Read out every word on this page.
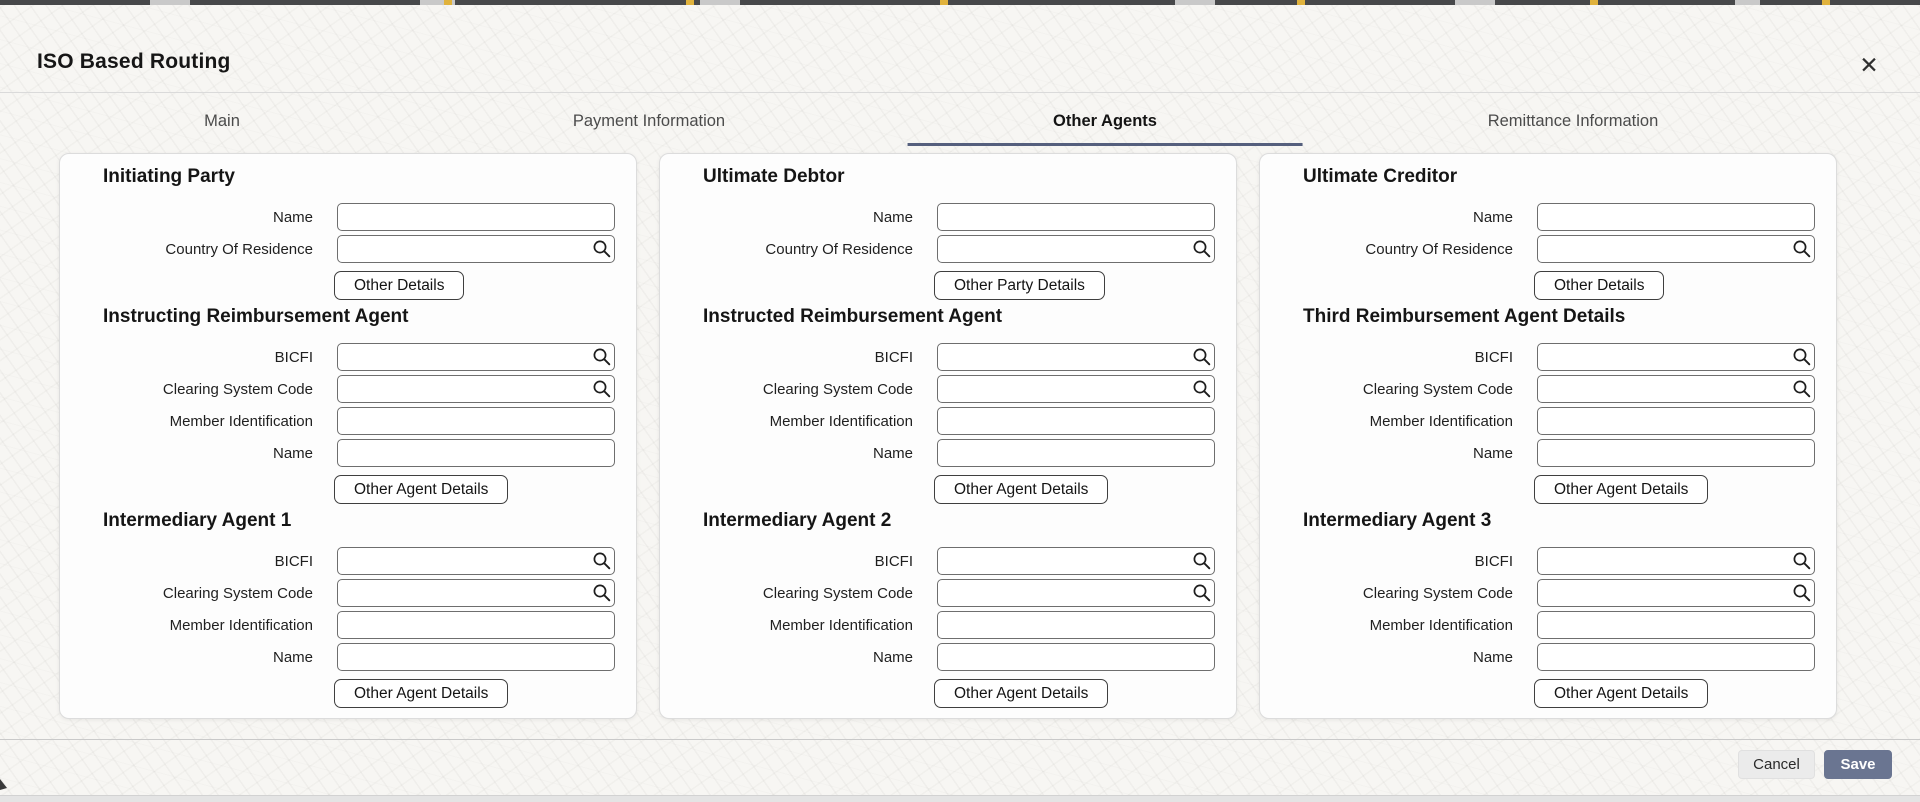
ISO Based Routing	✕
Main	Payment Information	Other Agents	Remittance Information
Initiating Party
Name
Country Of Residence
Other Details
Instructing Reimbursement Agent
BICFI
Clearing System Code
Member Identification
Name
Other Agent Details
Intermediary Agent 1
BICFI
Clearing System Code
Member Identification
Name
Other Agent Details
Ultimate Debtor
Name
Country Of Residence
Other Party Details
Instructed Reimbursement Agent
BICFI
Clearing System Code
Member Identification
Name
Other Agent Details
Intermediary Agent 2
BICFI
Clearing System Code
Member Identification
Name
Other Agent Details
Ultimate Creditor
Name
Country Of Residence
Other Details
Third Reimbursement Agent Details
BICFI
Clearing System Code
Member Identification
Name
Other Agent Details
Intermediary Agent 3
BICFI
Clearing System Code
Member Identification
Name
Other Agent Details
Cancel	Save
